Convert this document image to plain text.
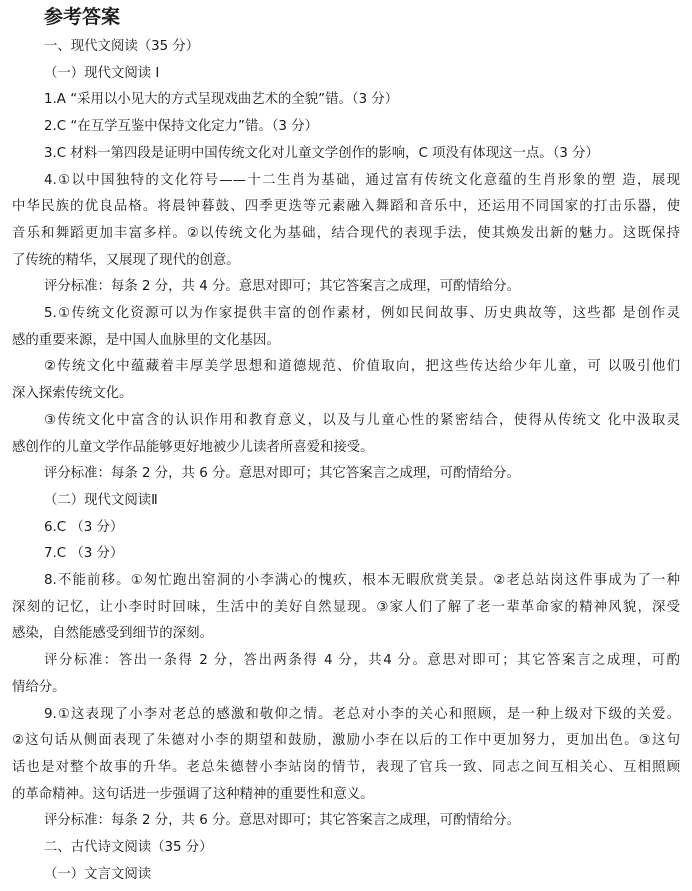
参考答案
一、现代文阅读（35 分）
（一）现代文阅读 Ⅰ
1.A “采用以小见大的方式呈现戏曲艺术的全貌”错。（3 分）
2.C “在互学互鉴中保持文化定力”错。（3 分）
3.C 材料一第四段是证明中国传统文化对儿童文学创作的影响，C 项没有体现这一点。（3 分）
4.①以中国独特的文化符号——十二生肖为基础，通过富有传统文化意蕴的生肖形象的塑 造，展现
中华民族的优良品格。将晨钟暮鼓、四季更迭等元素融入舞蹈和音乐中，还运用不同国家的打击乐器，使
音乐和舞蹈更加丰富多样。②以传统文化为基础，结合现代的表现手法，使其焕发出新的魅力。这既保持
了传统的精华，又展现了现代的创意。
评分标准：每条 2 分，共 4 分。意思对即可；其它答案言之成理，可酌情给分。
5.①传统文化资源可以为作家提供丰富的创作素材，例如民间故事、历史典故等，这些都 是创作灵
感的重要来源，是中国人血脉里的文化基因。
②传统文化中蕴藏着丰厚美学思想和道德规范、价值取向，把这些传达给少年儿童，可 以吸引他们
深入探索传统文化。
③传统文化中富含的认识作用和教育意义，以及与儿童心性的紧密结合，使得从传统文 化中汲取灵
感创作的儿童文学作品能够更好地被少儿读者所喜爱和接受。
评分标准：每条 2 分，共 6 分。意思对即可；其它答案言之成理，可酌情给分。
（二）现代文阅读Ⅱ
6.C （3 分）
7.C （3 分）
8.不能前移。①匆忙跑出窑洞的小李满心的愧疚，根本无暇欣赏美景。②老总站岗这件事成为了一种
深刻的记忆，让小李时时回味，生活中的美好自然显现。③家人们了解了老一辈革命家的精神风貌，深受
感染，自然能感受到细节的深刻。
评分标准：答出一条得 2 分，答出两条得 4 分，共4 分。意思对即可；其它答案言之成理，可酌
情给分。
9.①这表现了小李对老总的感激和敬仰之情。老总对小李的关心和照顾，是一种上级对下级的关爱。
②这句话从侧面表现了朱德对小李的期望和鼓励，激励小李在以后的工作中更加努力，更加出色。③这句
话也是对整个故事的升华。老总朱德替小李站岗的情节，表现了官兵一致、同志之间互相关心、互相照顾
的革命精神。这句话进一步强调了这种精神的重要性和意义。
评分标准：每条 2 分，共 6 分。意思对即可；其它答案言之成理，可酌情给分。
二、古代诗文阅读（35 分）
（一）文言文阅读
